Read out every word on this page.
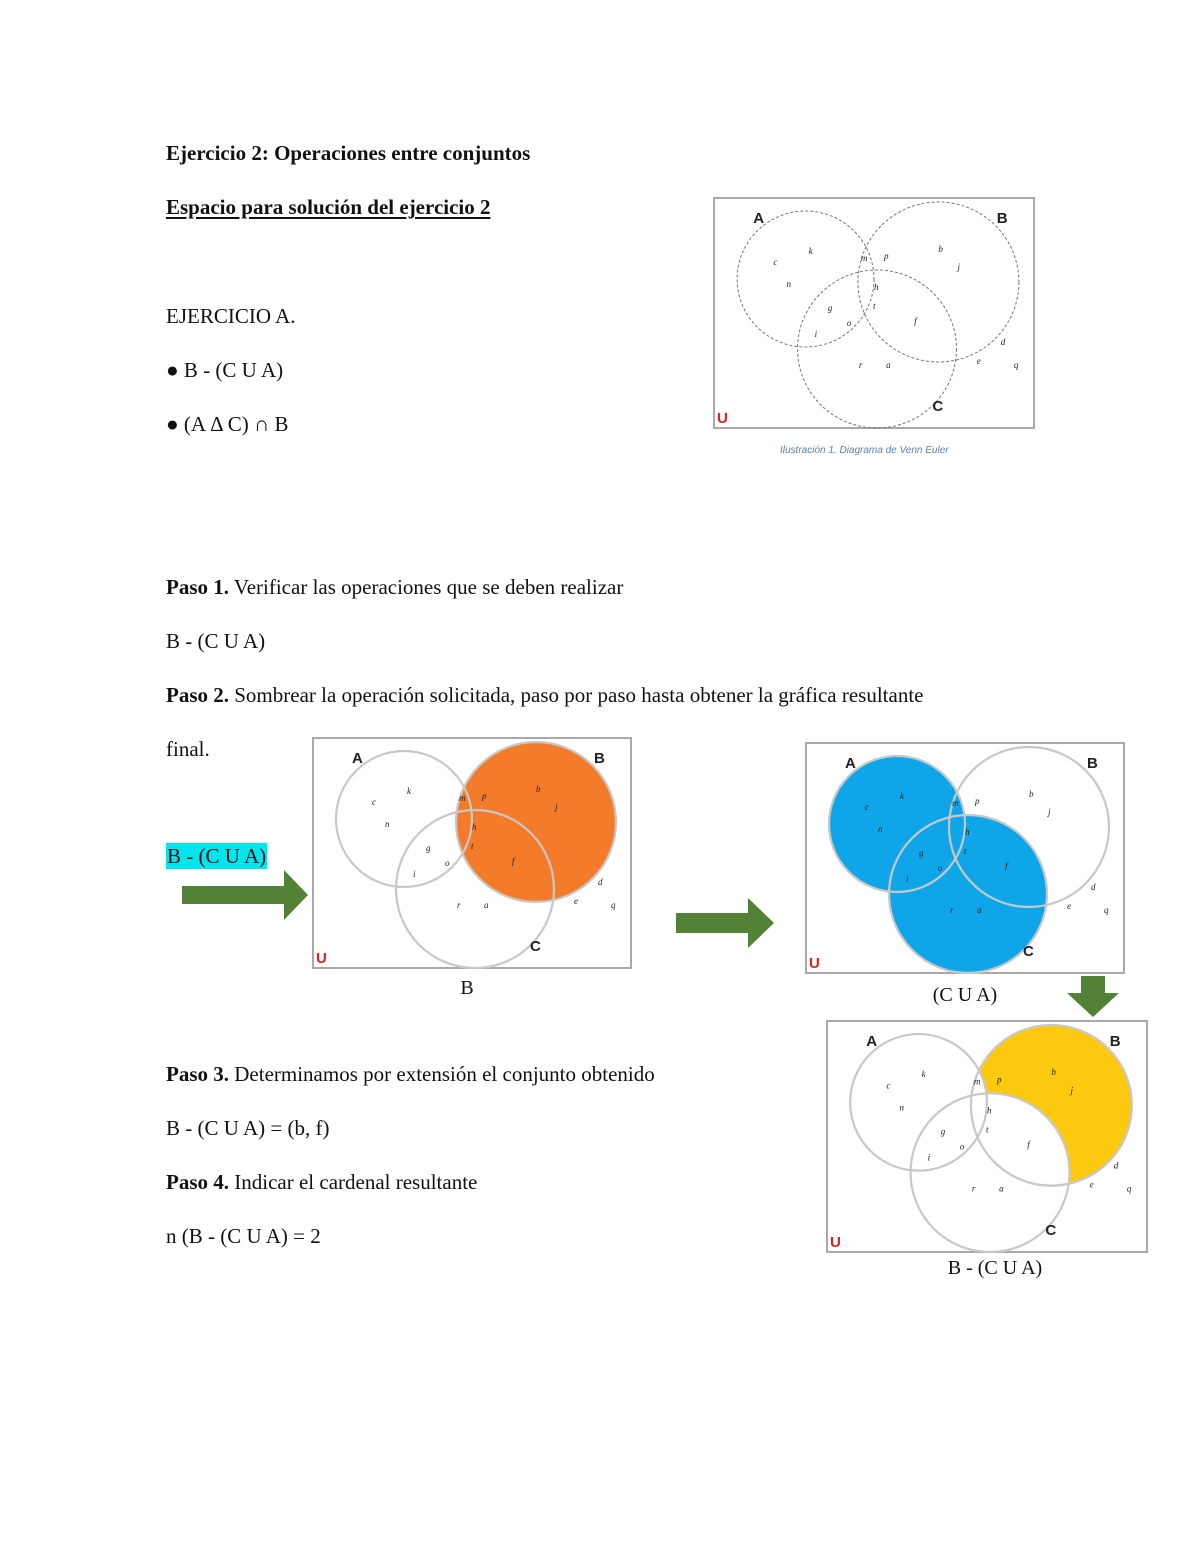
Ejercicio 2: Operaciones entre conjuntos
Espacio para solución del ejercicio 2
EJERCICIO A.
● B - (C U A)
● (A Δ C) ∩ B
A	B
C
U
c
k
n
m p
h
t
g
o
i
f
b
j
r	a
d
e	q
Ilustración 1. Diagrama de Venn Euler
Paso 1. Verificar las operaciones que se deben realizar
B - (C U A)
Paso 2. Sombrear la operación solicitada, paso por paso hasta obtener la gráfica resultante
final.
B - (C U A)
A	B
C
U
c
k
n
m p
h
t
g
o
i
f
b
j
r	a
d
e	q
B
A	B
C
U
c
k
n
m p
h
t
g
o
i
f
b
j
r	a
d
e	q
(C U A)
A	B
C
U
c
k
n
m p
h
t
g
o
i
f
b
j
r	a
d
e	q
B - (C U A)
Paso 3. Determinamos por extensión el conjunto obtenido
B - (C U A) = (b, f)
Paso 4. Indicar el cardenal resultante
n (B - (C U A) = 2
